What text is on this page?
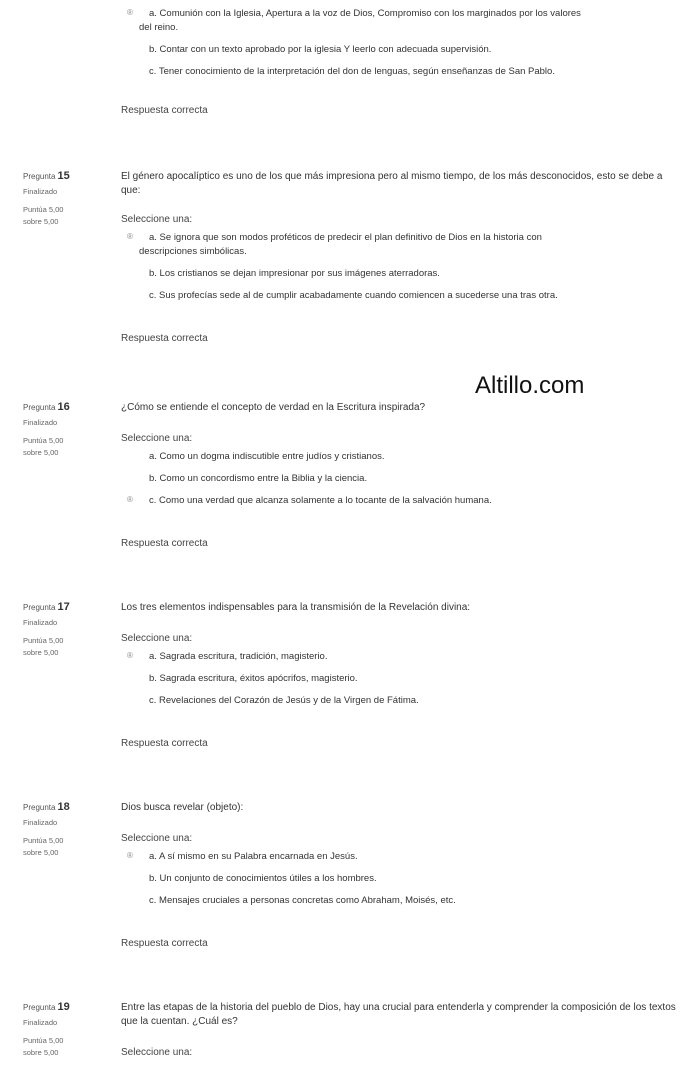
® a. Comunión con la Iglesia, Apertura a la voz de Dios, Compromiso con los marginados por los valores
del reino.
b. Contar con un texto aprobado por la iglesia Y leerlo con adecuada supervisión.
c. Tener conocimiento de la interpretación del don de lenguas, según enseñanzas de San Pablo.
Respuesta correcta
Pregunta 15
Finalizado
Puntúa 5,00 sobre 5,00
El género apocalíptico es uno de los que más impresiona pero al mismo tiempo, de los más desconocidos, esto se debe a que:
Seleccione una:
® a. Se ignora que son modos proféticos de predecir el plan definitivo de Dios en la historia con
descripciones simbólicas.
b. Los cristianos se dejan impresionar por sus imágenes aterradoras.
c. Sus profecías sede al de cumplir acabadamente cuando comiencen a sucederse una tras otra.
Respuesta correcta
Altillo.com
Pregunta 16
Finalizado
Puntúa 5,00 sobre 5,00
¿Cómo se entiende el concepto de verdad en la Escritura inspirada?
Seleccione una:
a. Como un dogma indiscutible entre judíos y cristianos.
b. Como un concordismo entre la Biblia y la ciencia.
® c. Como una verdad que alcanza solamente a lo tocante de la salvación humana.
Respuesta correcta
Pregunta 17
Finalizado
Puntúa 5,00 sobre 5,00
Los tres elementos indispensables para la transmisión de la Revelación divina:
Seleccione una:
® a. Sagrada escritura, tradición, magisterio.
b. Sagrada escritura, éxitos apócrifos, magisterio.
c. Revelaciones del Corazón de Jesús y de la Virgen de Fátima.
Respuesta correcta
Pregunta 18
Finalizado
Puntúa 5,00 sobre 5,00
Dios busca revelar (objeto):
Seleccione una:
® a. A sí mismo en su Palabra encarnada en Jesús.
b. Un conjunto de conocimientos útiles a los hombres.
c. Mensajes cruciales a personas concretas como Abraham, Moisés, etc.
Respuesta correcta
Pregunta 19
Finalizado
Puntúa 5,00 sobre 5,00
Entre las etapas de la historia del pueblo de Dios, hay una crucial para entenderla y comprender la composición de los textos que la cuentan. ¿Cuál es?
Seleccione una:
